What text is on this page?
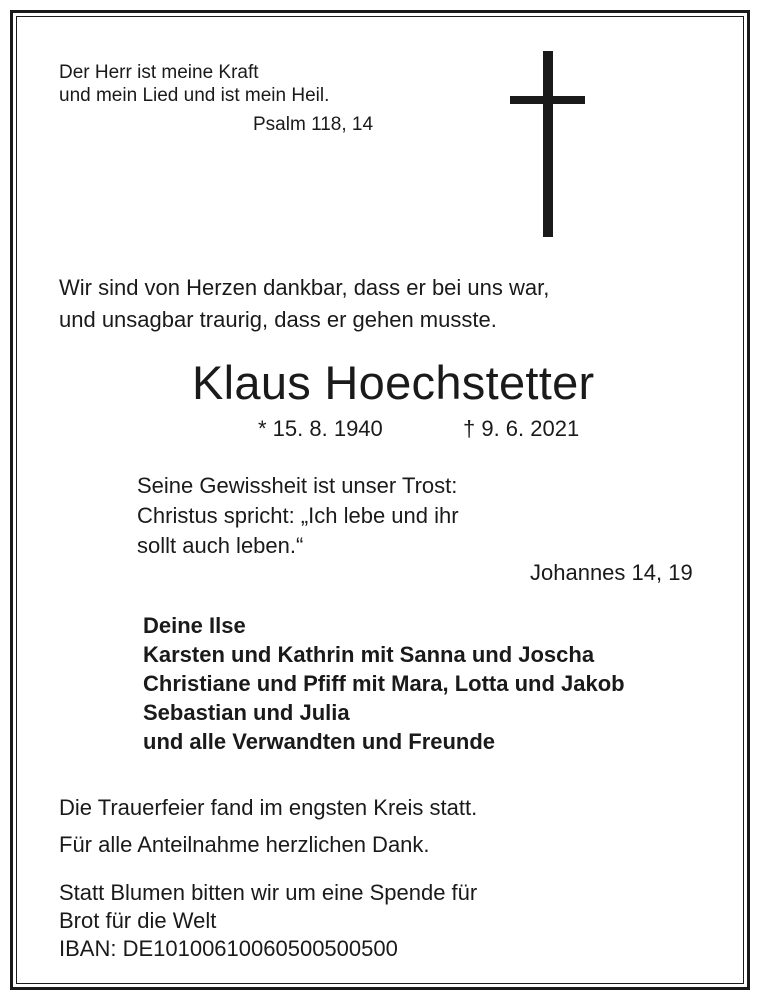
Der Herr ist meine Kraft
und mein Lied und ist mein Heil.
Psalm 118, 14
Wir sind von Herzen dankbar, dass er bei uns war,
und unsagbar traurig, dass er gehen musste.
Klaus Hoechstetter
* 15. 8. 1940	† 9. 6. 2021
Seine Gewissheit ist unser Trost:
Christus spricht: „Ich lebe und ihr
sollt auch leben.“
Johannes 14, 19
Deine Ilse
Karsten und Kathrin mit Sanna und Joscha
Christiane und Pfiff mit Mara, Lotta und Jakob
Sebastian und Julia
und alle Verwandten und Freunde
Die Trauerfeier fand im engsten Kreis statt.
Für alle Anteilnahme herzlichen Dank.
Statt Blumen bitten wir um eine Spende für
Brot für die Welt
IBAN: DE10100610060500500500
